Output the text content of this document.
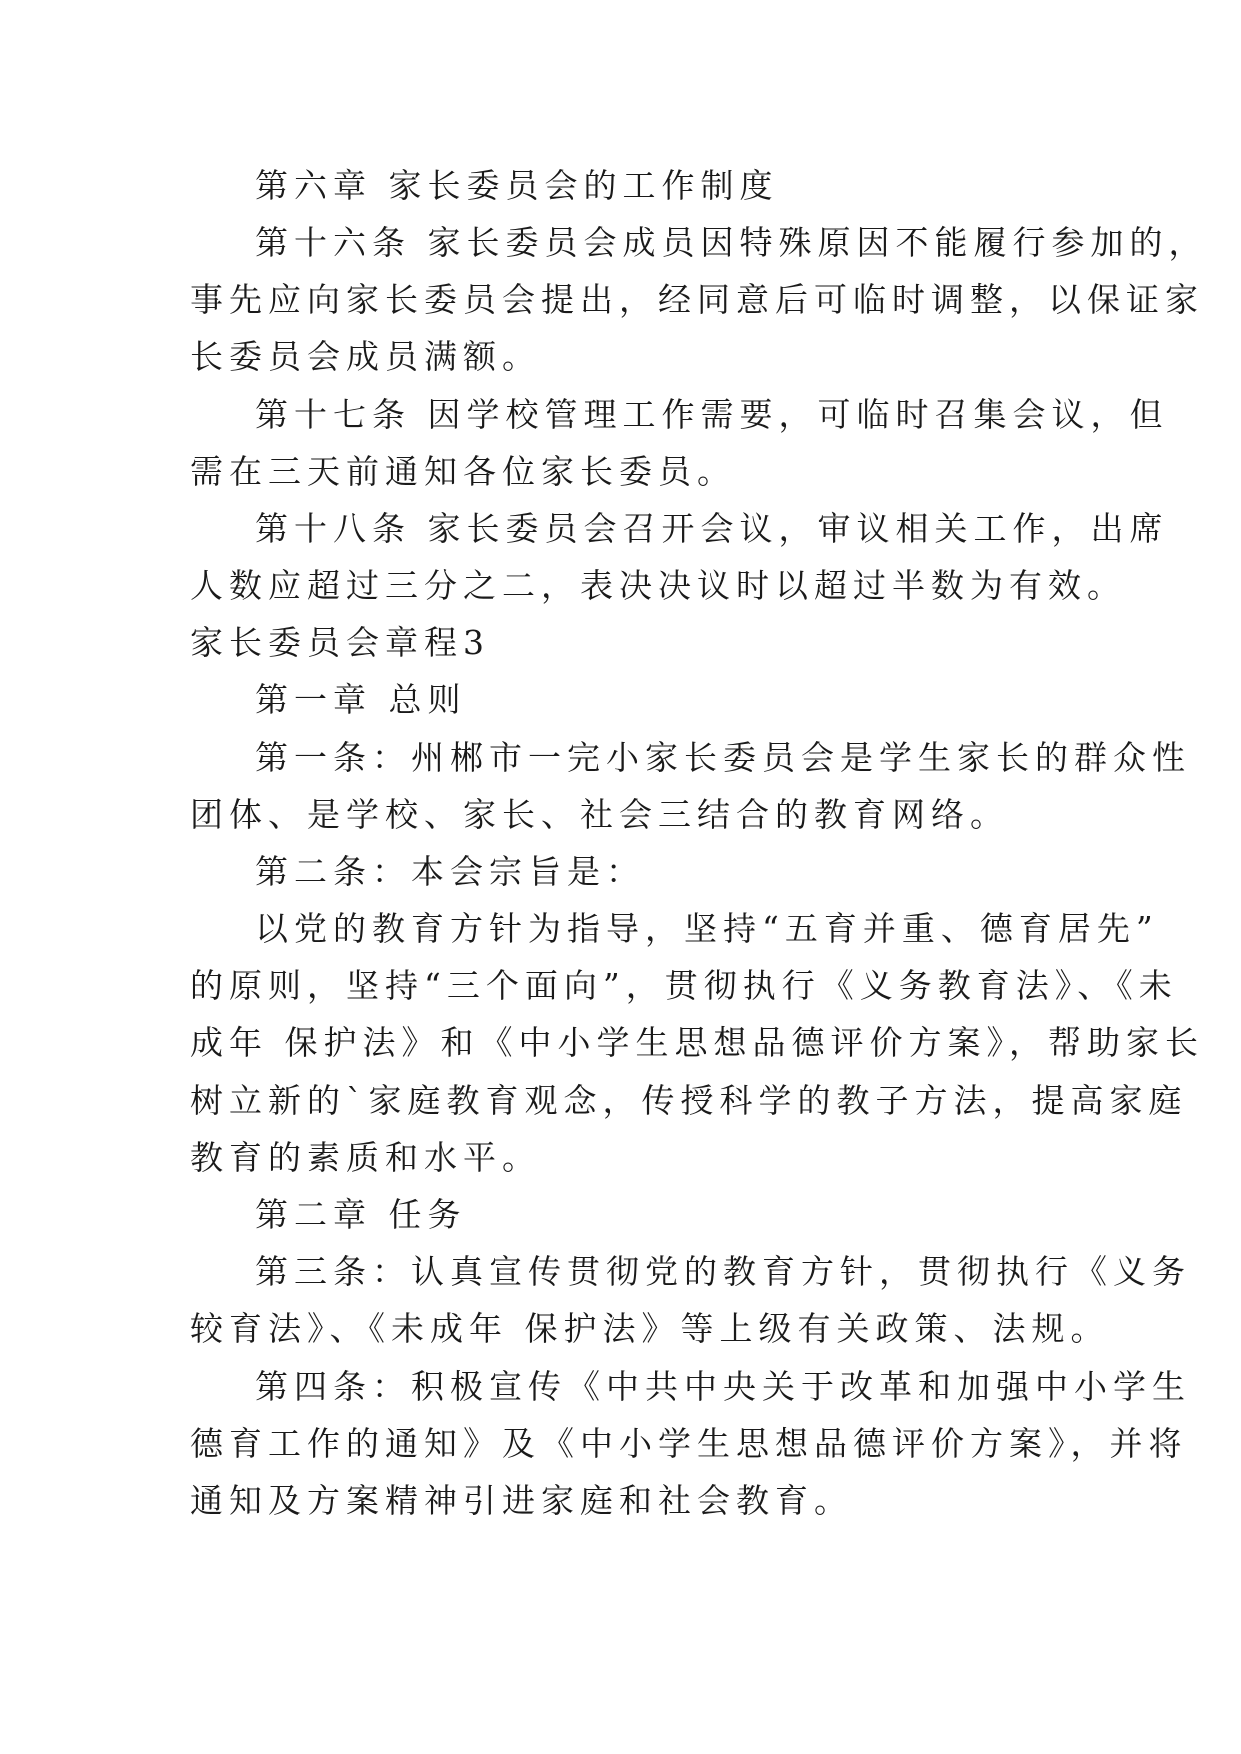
第六章 家长委员会的工作制度
第十六条 家长委员会成员因特殊原因不能履行参加的，
事先应向家长委员会提出，经同意后可临时调整，以保证家
长委员会成员满额。
第十七条 因学校管理工作需要，可临时召集会议，但
需在三天前通知各位家长委员。
第十八条 家长委员会召开会议，审议相关工作，出席
人数应超过三分之二，表决决议时以超过半数为有效。
家长委员会章程3
第一章 总则
第一条：州郴市一完小家长委员会是学生家长的群众性
团体、是学校、家长、社会三结合的教育网络。
第二条：本会宗旨是：
以党的教育方针为指导，坚持“五育并重、德育居先”
的原则，坚持“三个面向”，贯彻执行《义务教育法》、《未
成年 保护法》和《中小学生思想品德评价方案》，帮助家长
树立新的`家庭教育观念，传授科学的教子方法，提高家庭
教育的素质和水平。
第二章 任务
第三条：认真宣传贯彻党的教育方针，贯彻执行《义务
较育法》、《未成年 保护法》等上级有关政策、法规。
第四条：积极宣传《中共中央关于改革和加强中小学生
德育工作的通知》及《中小学生思想品德评价方案》，并将
通知及方案精神引进家庭和社会教育。
